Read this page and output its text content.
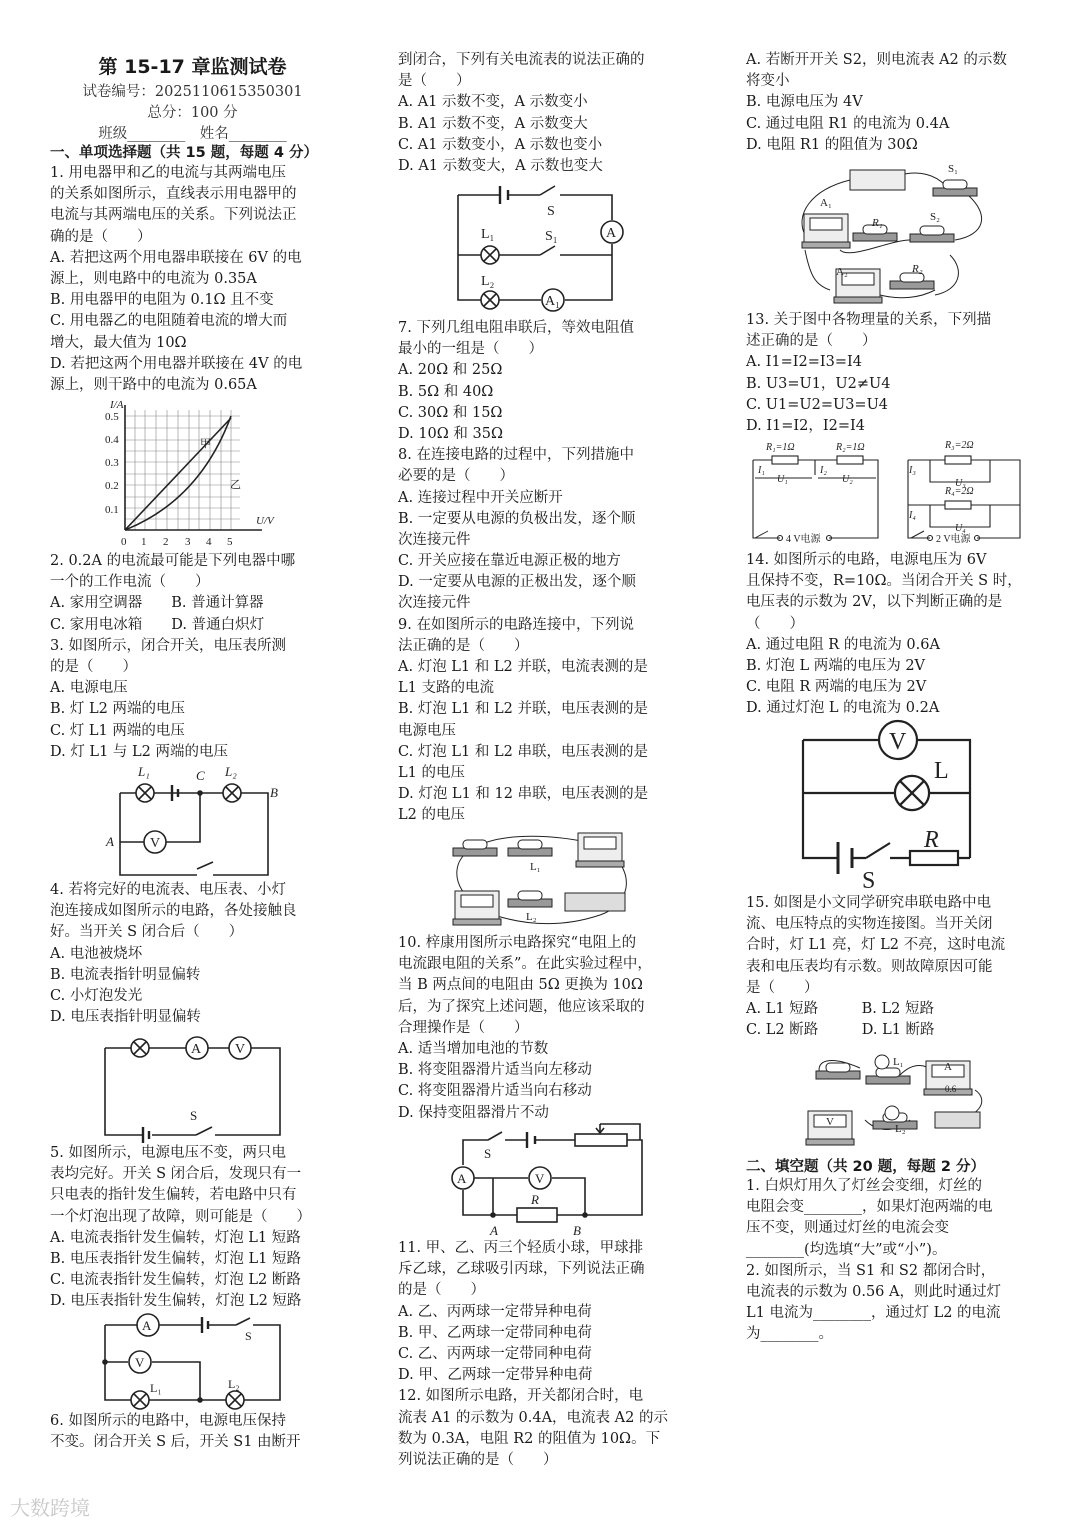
第 15-17 章监测试卷
试卷编号：2025110615350301
总分：100 分
班级________　姓名________
一、单项选择题（共 15 题，每题 4 分）
二、填空题（共 20 题，每题 2 分）
1. 用电器甲和乙的电流与其两端电压
的关系如图所示，直线表示用电器甲的
电流与其两端电压的关系。下列说法正
确的是（　　）
A. 若把这两个用电器串联接在 6V 的电
源上，则电路中的电流为 0.35A
B. 用电器甲的电阻为 0.1Ω 且不变
C. 用电器乙的电阻随着电流的增大而
增大，最大值为 10Ω
D. 若把这两个用电器并联接在 4V 的电
源上，则干路中的电流为 0.65A
2. 0.2A 的电流最可能是下列电器中哪
一个的工作电流（　　）
A. 家用空调器　　B. 普通计算器
C. 家用电冰箱　　D. 普通白炽灯
3. 如图所示，闭合开关，电压表所测
的是（　　）
A. 电源电压
B. 灯 L2 两端的电压
C. 灯 L1 两端的电压
D. 灯 L1 与 L2 两端的电压
4. 若将完好的电流表、电压表、小灯
泡连接成如图所示的电路，各处接触良
好。当开关 S 闭合后（　　）
A. 电池被烧坏
B. 电流表指针明显偏转
C. 小灯泡发光
D. 电压表指针明显偏转
5. 如图所示，电源电压不变，两只电
表均完好。开关 S 闭合后，发现只有一
只电表的指针发生偏转，若电路中只有
一个灯泡出现了故障，则可能是（　　）
A. 电流表指针发生偏转，灯泡 L1 短路
B. 电压表指针发生偏转，灯泡 L1 短路
C. 电流表指针发生偏转，灯泡 L2 断路
D. 电压表指针发生偏转，灯泡 L2 短路
6. 如图所示的电路中，电源电压保持
不变。闭合开关 S 后，开关 S1 由断开
到闭合，下列有关电流表的说法正确的
是（　　）
A. A1 示数不变，A 示数变小
B. A1 示数不变，A 示数变大
C. A1 示数变小，A 示数也变小
D. A1 示数变大，A 示数也变大
7. 下列几组电阻串联后，等效电阻值
最小的一组是（　　）
A. 20Ω 和 25Ω
B. 5Ω 和 40Ω
C. 30Ω 和 15Ω
D. 10Ω 和 35Ω
8. 在连接电路的过程中，下列措施中
必要的是（　　）
A. 连接过程中开关应断开
B. 一定要从电源的负极出发，逐个顺
次连接元件
C. 开关应接在靠近电源正极的地方
D. 一定要从电源的正极出发，逐个顺
次连接元件
9. 在如图所示的电路连接中，下列说
法正确的是（　　）
A. 灯泡 L1 和 L2 并联，电流表测的是
L1 支路的电流
B. 灯泡 L1 和 L2 并联，电压表测的是
电源电压
C. 灯泡 L1 和 L2 串联，电压表测的是
L1 的电压
D. 灯泡 L1 和 12 串联，电压表测的是
L2 的电压
10. 梓康用图所示电路探究“电阻上的
电流跟电阻的关系”。在此实验过程中，
当 B 两点间的电阻由 5Ω 更换为 10Ω
后，为了探究上述问题，他应该采取的
合理操作是（　　）
A. 适当增加电池的节数
B. 将变阻器滑片适当向左移动
C. 将变阻器滑片适当向右移动
D. 保持变阻器滑片不动
11. 甲、乙、丙三个轻质小球，甲球排
斥乙球，乙球吸引丙球，下列说法正确
的是（　　）
A. 乙、丙两球一定带异种电荷
B. 甲、乙两球一定带同种电荷
C. 乙、丙两球一定带同种电荷
D. 甲、乙两球一定带异种电荷
12. 如图所示电路，开关都闭合时，电
流表 A1 的示数为 0.4A，电流表 A2 的示
数为 0.3A，电阻 R2 的阻值为 10Ω。下
列说法正确的是（　　）
A. 若断开开关 S2，则电流表 A2 的示数
将变小
B. 电源电压为 4V
C. 通过电阻 R1 的电流为 0.4A
D. 电阻 R1 的阻值为 30Ω
13. 关于图中各物理量的关系，下列描
述正确的是（　　）
A. I1=I2=I3=I4
B. U3=U1，U2≠U4
C. U1=U2=U3=U4
D. I1=I2，I2=I4
14. 如图所示的电路，电源电压为 6V
且保持不变，R=10Ω。当闭合开关 S 时，
电压表的示数为 2V，以下判断正确的是
（　　）
A. 通过电阻 R 的电流为 0.6A
B. 灯泡 L 两端的电压为 2V
C. 电阻 R 两端的电压为 2V
D. 通过灯泡 L 的电流为 0.2A
15. 如图是小文同学研究串联电路中电
流、电压特点的实物连接图。当开关闭
合时，灯 L1 亮，灯 L2 不亮，这时电流
表和电压表均有示数。则故障原因可能
是（　　）
A. L1 短路　　　B. L2 短路
C. L2 断路　　　D. L1 断路
1. 白炽灯用久了灯丝会变细，灯丝的
电阻会变________，如果灯泡两端的电
压不变，则通过灯丝的电流会变
________(均选填“大”或“小”)。
2. 如图所示，当 S1 和 S2 都闭合时，
电流表的示数为 0.56 A，则此时通过灯
L1 电流为________，通过灯 L2 的电流
为________。
I/A
U/V
0.1
0.2
0.3
0.4
0.5
0 1 2 3 4 5
甲
乙
L₁	C L₂
B
A	V
A V
S
A
V
S
L₁	L₂
S
S₁	A
L₁
L₂
A₁
L₁
L₂
S
A	V
R
A	B
S₁
S₂
A₁
A₂
R₁
R₂
R₁=1Ω	R₂=1Ω	R₃=2Ω
R₄=2Ω
I₁	I₂	I₃
I₄
U₁	U₂	U₃
U₄
4 V电源	2 V电源
V
L
R
S
L₁
L₂
A
0.6
V
大数跨境
